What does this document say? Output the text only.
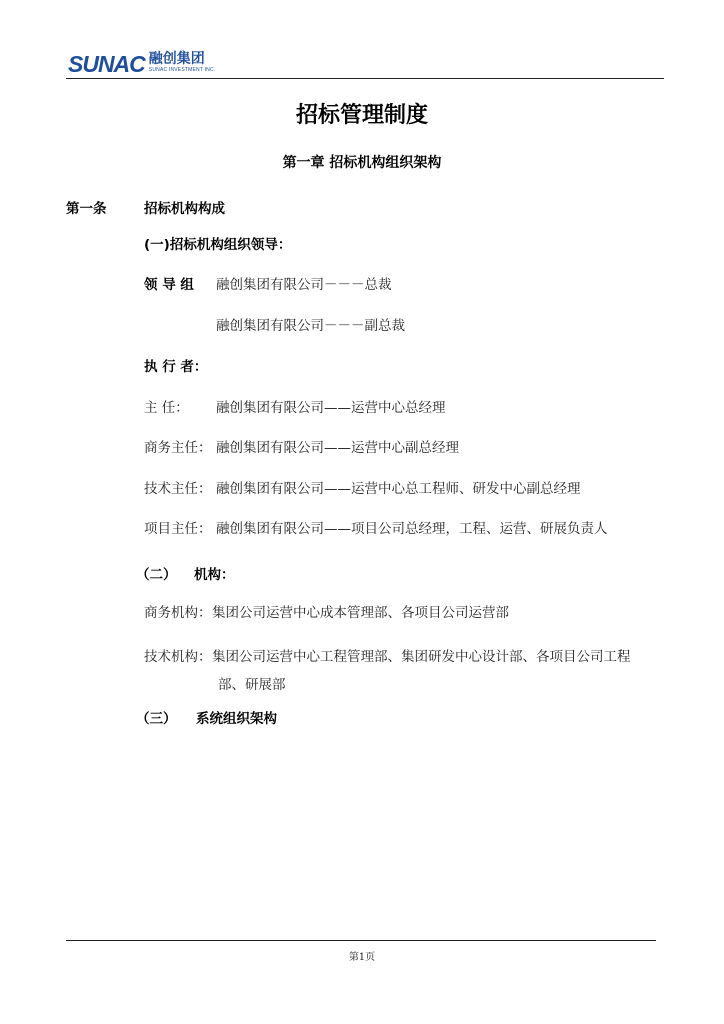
SUNAC 融创集团
SUNAC INVESTMENT INC.
招标管理制度
第一章 招标机构组织架构
第一条	招标机构构成
(一)招标机构组织领导：
领 导 组 融创集团有限公司－－－总裁
融创集团有限公司－－－副总裁
执 行 者：
主 任： 融创集团有限公司——运营中心总经理
商务主任： 融创集团有限公司——运营中心副总经理
技术主任： 融创集团有限公司——运营中心总工程师、研发中心副总经理
项目主任： 融创集团有限公司——项目公司总经理，工程、运营、研展负责人
（二） 机构：
商务机构： 集团公司运营中心成本管理部、各项目公司运营部
技术机构： 集团公司运营中心工程管理部、集团研发中心设计部、各项目公司工程
部、研展部
（三） 系统组织架构
第1页
